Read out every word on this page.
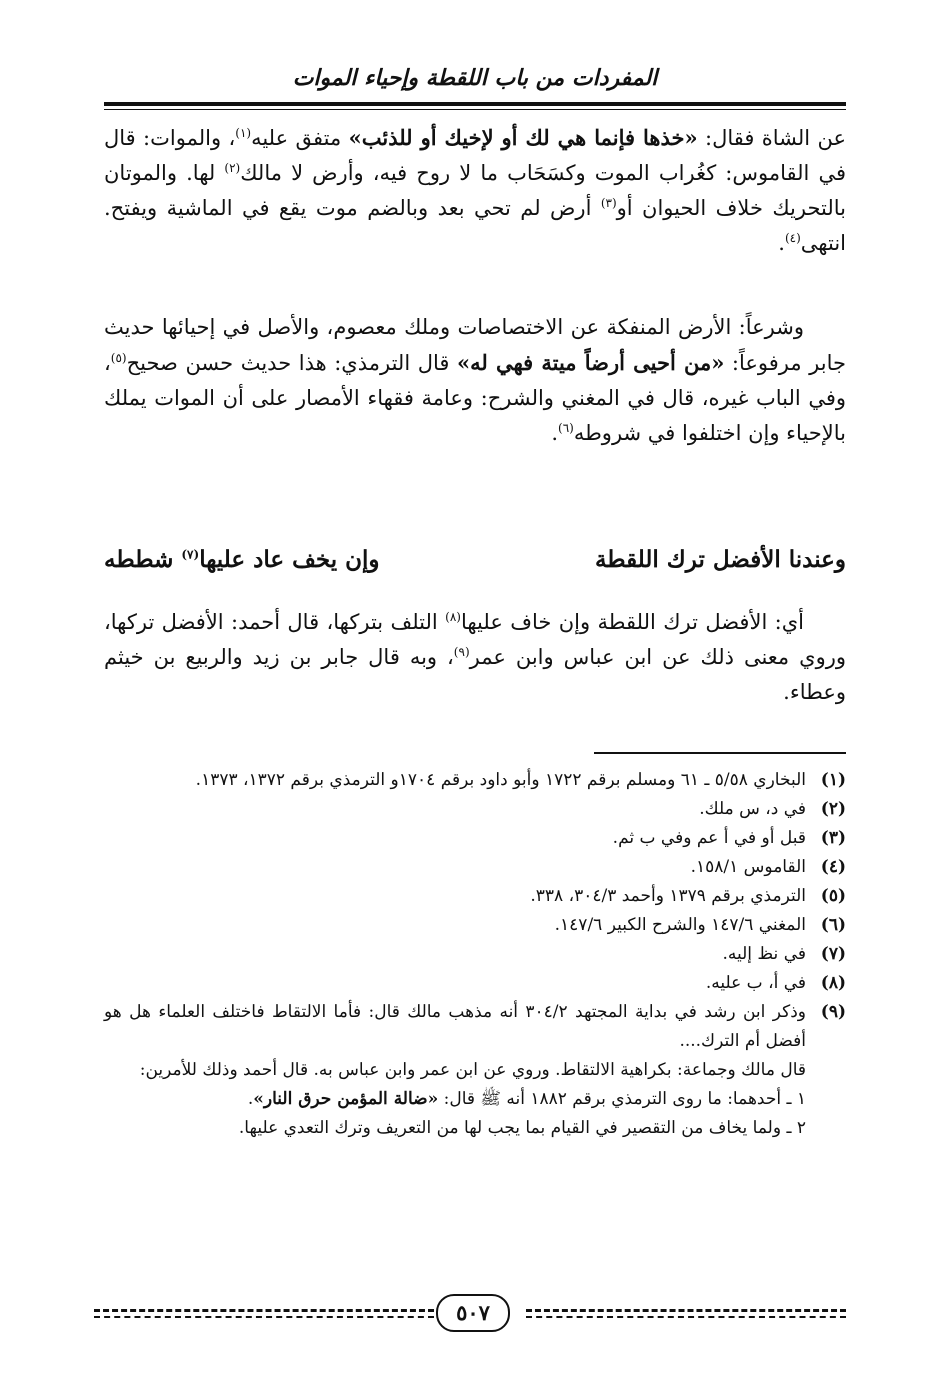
المفردات من باب اللقطة وإحياء الموات

عن الشاة فقال: «خذها فإنما هي لك أو لإخيك أو للذئب» متفق عليه$^{(١)}$، والموات: قال في القاموس: كغُراب الموت وكسَحَاب ما لا روح فيه، وأرض لا مالك$^{(٢)}$ لها. والموتان بالتحريك خلاف الحيوان أو$^{(٣)}$ أرض لم تحي بعد وبالضم موت يقع في الماشية ويفتح. انتهى$^{(٤)}$.

  وشرعاً: الأرض المنفكة عن الاختصاصات وملك معصوم، والأصل في إحيائها حديث جابر مرفوعاً: «من أحيى أرضاً ميتة فهي له» قال الترمذي: هذا حديث حسن صحيح$^{(٥)}$، وفي الباب غيره، قال في المغني والشرح: وعامة فقهاء الأمصار على أن الموات يملك بالإحياء وإن اختلفوا في شروطه$^{(٦)}$.

وعندنا الأفضل ترك اللقطة
وإن يخف عاد عليها$^{(٧)}$ شططه

  أي: الأفضل ترك اللقطة وإن خاف عليها$^{(٨)}$ التلف بتركها، قال أحمد: الأفضل تركها، وروي معنى ذلك عن ابن عباس وابن عمر$^{(٩)}$، وبه قال جابر بن زيد والربيع بن خيثم وعطاء.

(١)
البخاري ٥/٥٨ ـ ٦١ ومسلم برقم ١٧٢٢ وأبو داود برقم ١٧٠٤و الترمذي برقم ١٣٧٢، ١٣٧٣.
(٢)
في د، س ملك.
(٣)
قبل أو في أ عم وفي ب ثم.
(٤)
القاموس ١٥٨/١.
(٥)
الترمذي برقم ١٣٧٩ وأحمد ٣٠٤/٣، ٣٣٨.
(٦)
المغني ١٤٧/٦ والشرح الكبير ١٤٧/٦.
(٧)
في نظ إليه.
(٨)
في أ، ب عليه.
(٩)
وذكر ابن رشد في بداية المجتهد ٣٠٤/٢ أنه مذهب مالك قال: فأما الالتقاط فاختلف العلماء هل هو أفضل أم الترك....

قال مالك وجماعة: بكراهية الالتقاط. وروي عن ابن عمر وابن عباس به. قال أحمد وذلك للأمرين:

١ ـ أحدهما: ما روى الترمذي برقم ١٨٨٢ أنه ﷺ قال: «ضالة المؤمن حرق النار».

٢ ـ ولما يخاف من التقصير في القيام بما يجب لها من التعريف وترك التعدي عليها.

٥٠٧
